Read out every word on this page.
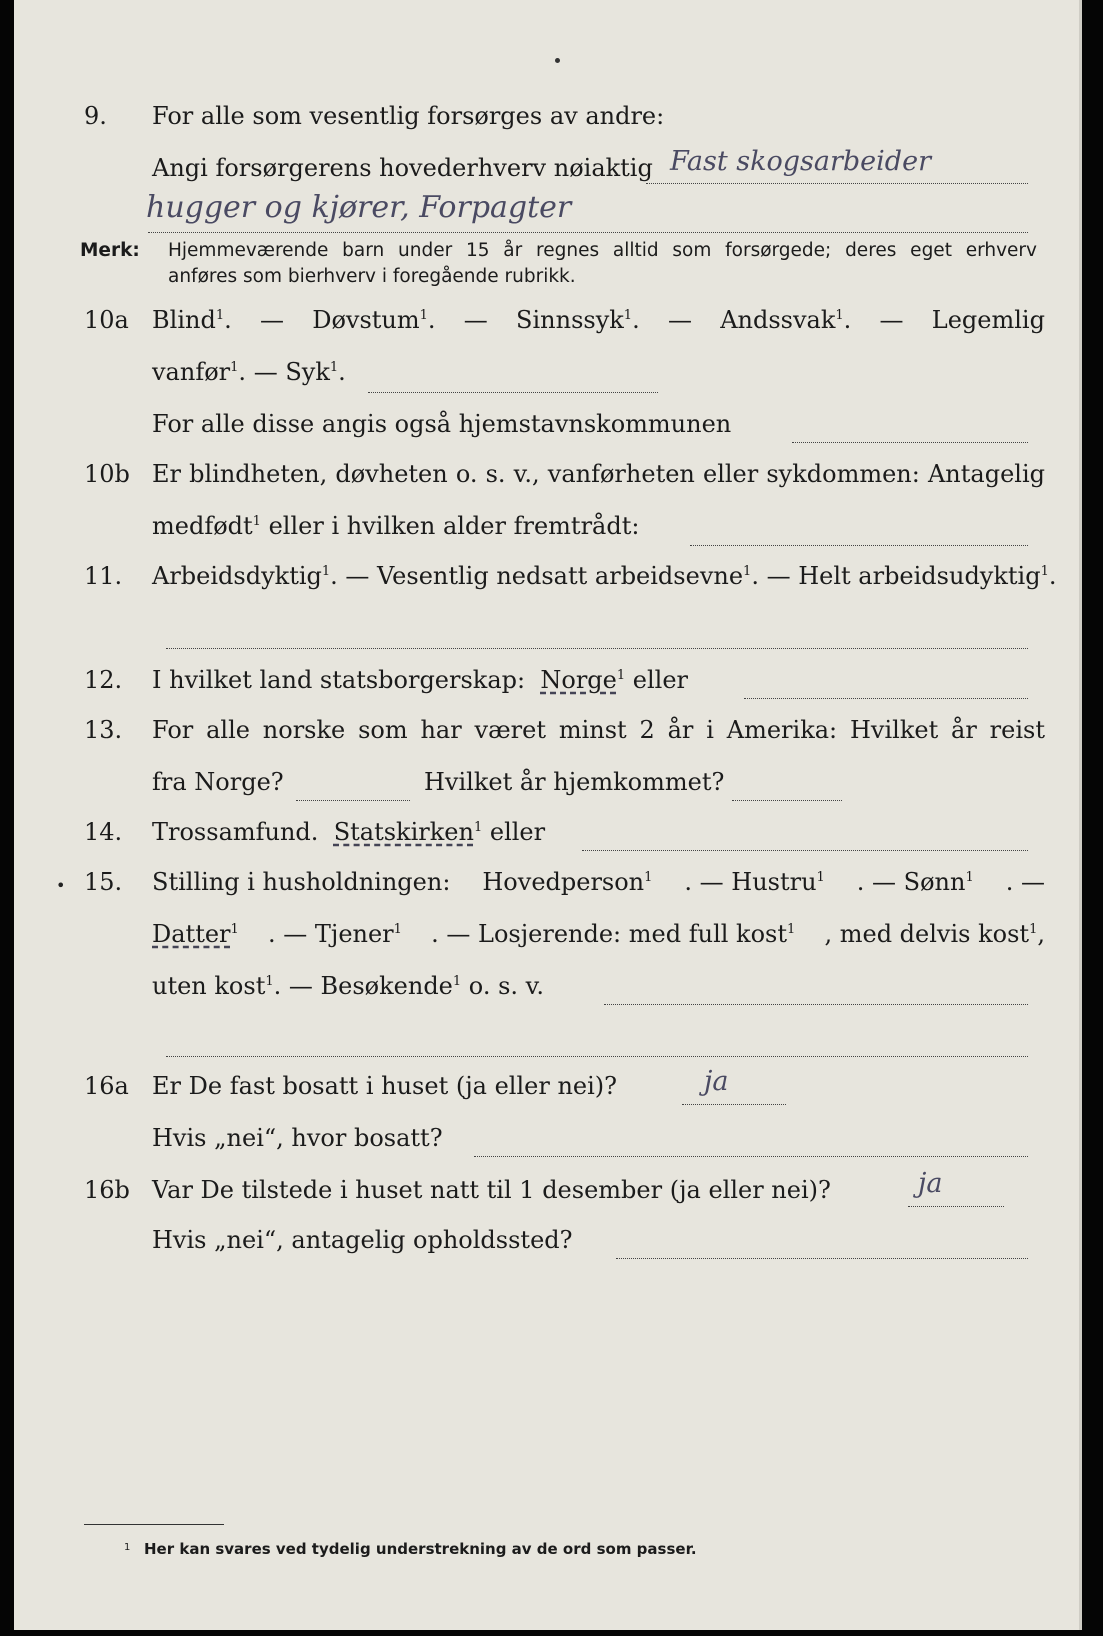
9.	For alle som vesentlig forsørges av andre:
Angi forsørgerens hovederhverv nøiaktig Fast skogsarbeider
hugger og kjører, Forpagter
Merk: Hjemmeværende barn under 15 år regnes alltid som forsørgede; deres eget erhverv
anføres som bierhverv i foregående rubrikk.
10a Blind$^1$. — Døvstum$^1$. — Sinnssyk$^1$. — Andssvak$^1$. — Legemlig
vanfør$^1$. — Syk$^1$.
For alle disse angis også hjemstavnskommunen
10b Er blindheten, døvheten o. s. v., vanførheten eller sykdommen: Antagelig
medfødt$^1$ eller i hvilken alder fremtrådt:
11.	Arbeidsdyktig$^1$. — Vesentlig nedsatt arbeidsevne$^1$. — Helt arbeidsudyktig$^1$.
12.	I hvilket land statsborgerskap: Norge$^1$ eller
13.	For alle norske som har været minst 2 år i Amerika: Hvilket år reist
fra Norge?	Hvilket år hjemkommet?
14.	Trossamfund. Statskirken$^1$ eller
• 15.	Stilling i husholdningen: Hovedperson$^1$ . — Hustru$^1$ . — Sønn$^1$ . —
Datter$^1$ . — Tjener$^1$ . — Losjerende: med full kost$^1$ , med delvis kost$^1$,
uten kost$^1$. — Besøkende$^1$ o. s. v.
16a Er De fast bosatt i huset (ja eller nei)?	ja
Hvis „nei“, hvor bosatt?
16b Var De tilstede i huset natt til 1 desember (ja eller nei)?	ja
Hvis „nei“, antagelig opholdssted?
1 Her kan svares ved tydelig understrekning av de ord som passer.
